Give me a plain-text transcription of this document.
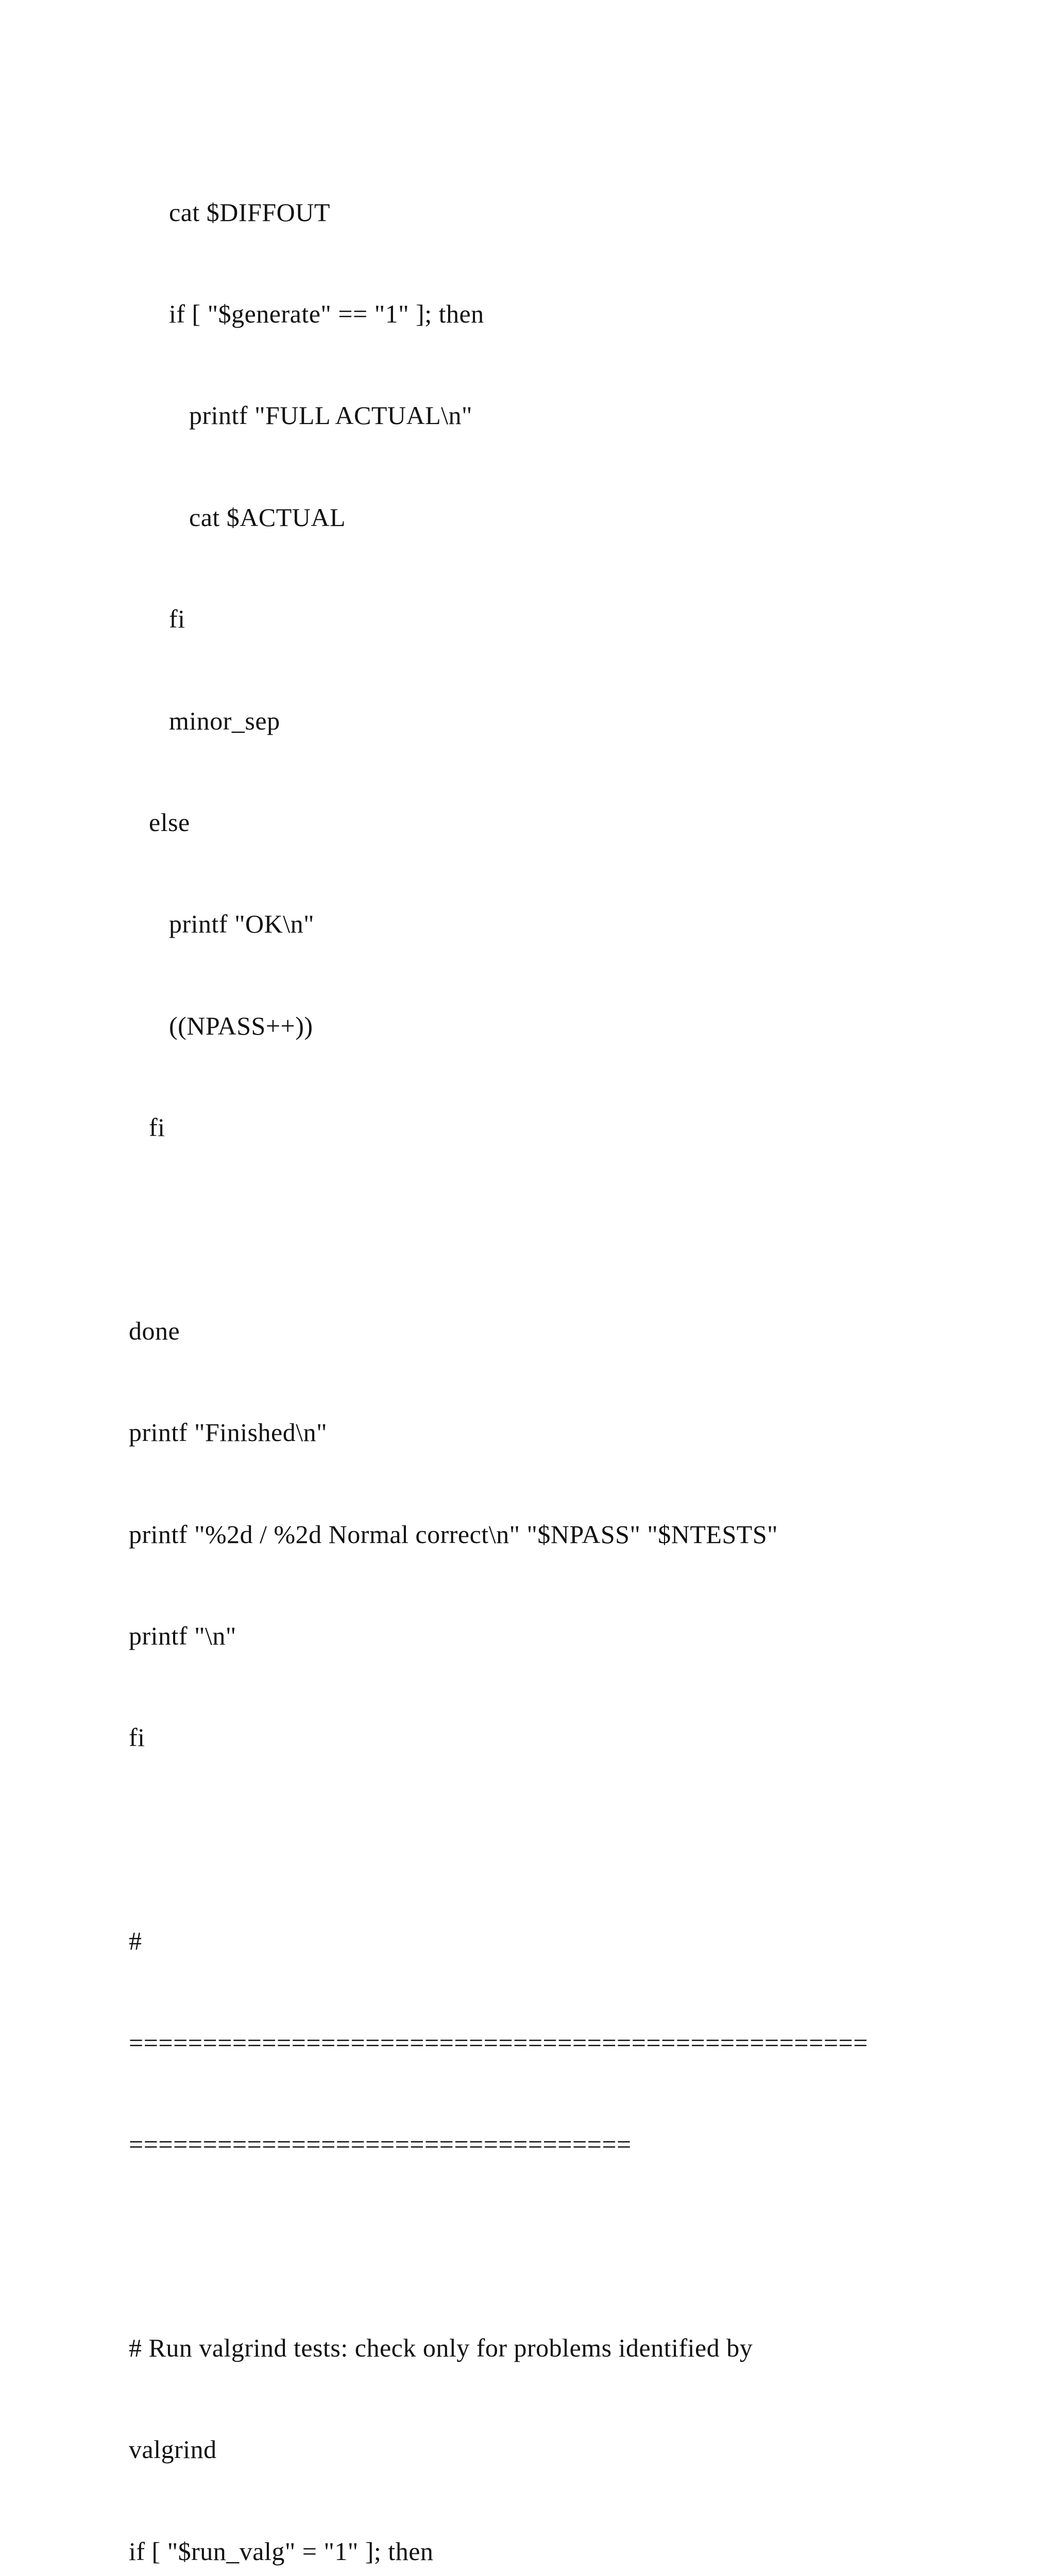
cat $DIFFOUT

if [ "$generate" == "1" ]; then

printf "FULL ACTUAL\n"

cat $ACTUAL

fi

minor_sep

else

printf "OK\n"

((NPASS++))

fi

done

printf "Finished\n"

printf "%2d / %2d Normal correct\n" "$NPASS" "$NTESTS"

printf "\n"

fi

#

==================================================

==================================

# Run valgrind tests: check only for problems identified by

valgrind

if [ "$run_valg" = "1" ]; then
